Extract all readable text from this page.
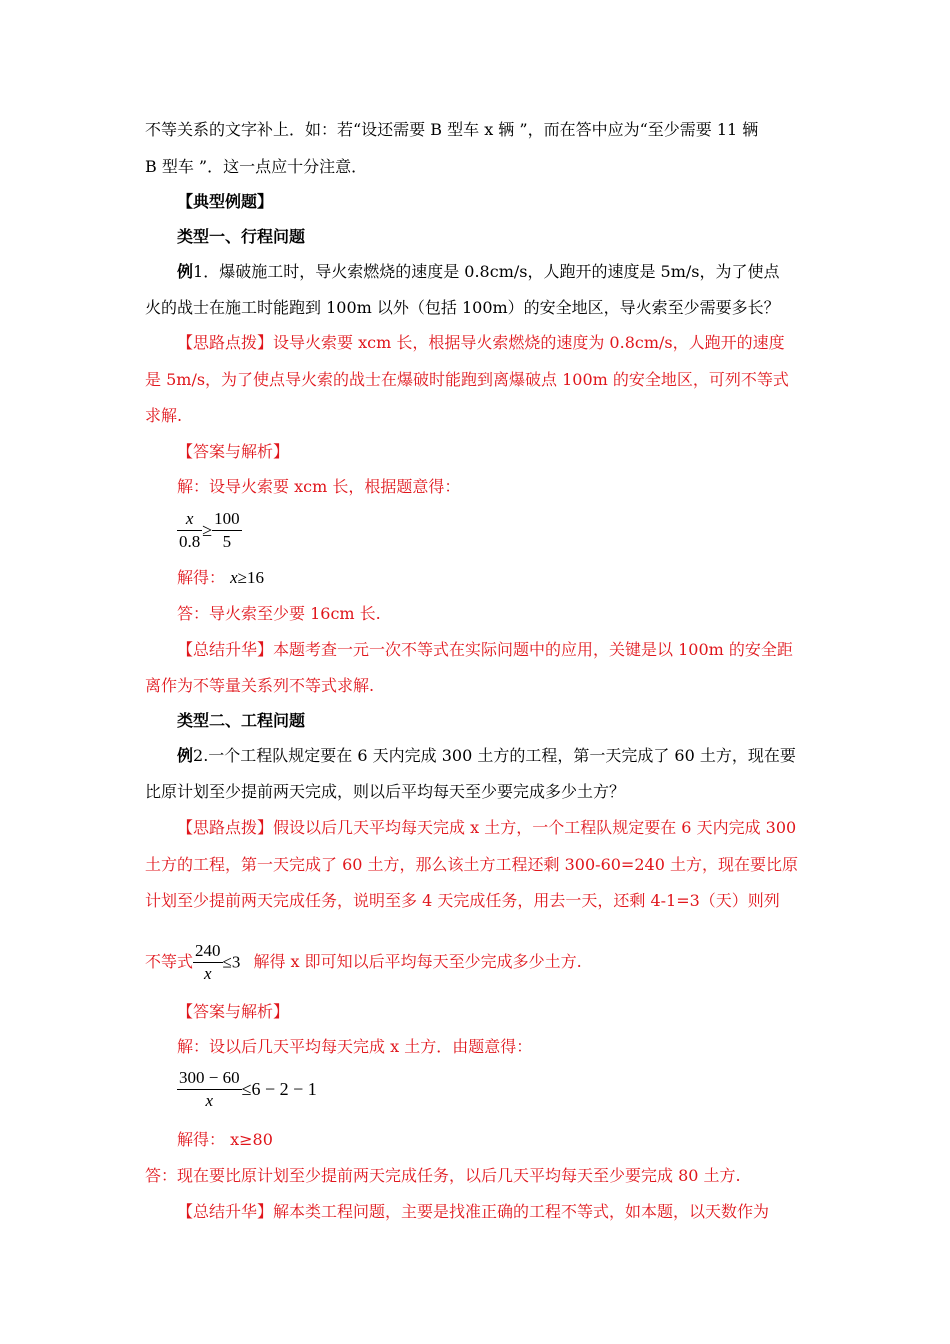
不等关系的文字补上．如：若“设还需要 B 型车 x 辆 ”，而在答中应为“至少需要 11 辆
B 型车 ”．这一点应十分注意．
【典型例题】
类型一、行程问题
例1．爆破施工时，导火索燃烧的速度是 0.8cm/s，人跑开的速度是 5m/s，为了使点
火的战士在施工时能跑到 100m 以外（包括 100m）的安全地区，导火索至少需要多长？
【思路点拨】设导火索要 xcm 长，根据导火索燃烧的速度为 0.8cm/s，人跑开的速度
是 5m/s，为了使点导火索的战士在爆破时能跑到离爆破点 100m 的安全地区，可列不等式
求解.
【答案与解析】
解：设导火索要 xcm 长，根据题意得：
$\frac{x}{0.8} \ge \frac{100}{5}$
解得： x≥16
答：导火索至少要 16cm 长.
【总结升华】本题考查一元一次不等式在实际问题中的应用，关键是以 100m 的安全距
离作为不等量关系列不等式求解.
类型二、工程问题
例2.一个工程队规定要在 6 天内完成 300 土方的工程，第一天完成了 60 土方，现在要
比原计划至少提前两天完成，则以后平均每天至少要完成多少土方？
【思路点拨】假设以后几天平均每天完成 x 土方，一个工程队规定要在 6 天内完成 300
土方的工程，第一天完成了 60 土方，那么该土方工程还剩 300-60=240 土方，现在要比原
计划至少提前两天完成任务，说明至多 4 天完成任务，用去一天，还剩 4-1=3（天）则列
不等式 $\frac{240}{x} \le 3$ 解得 x 即可知以后平均每天至少完成多少土方.
【答案与解析】
解：设以后几天平均每天完成 x 土方．由题意得：
$\frac{300 - 60}{x} \le 6 - 2 - 1$
解得： x≥80
答：现在要比原计划至少提前两天完成任务，以后几天平均每天至少要完成 80 土方.
【总结升华】解本类工程问题，主要是找准正确的工程不等式，如本题，以天数作为
